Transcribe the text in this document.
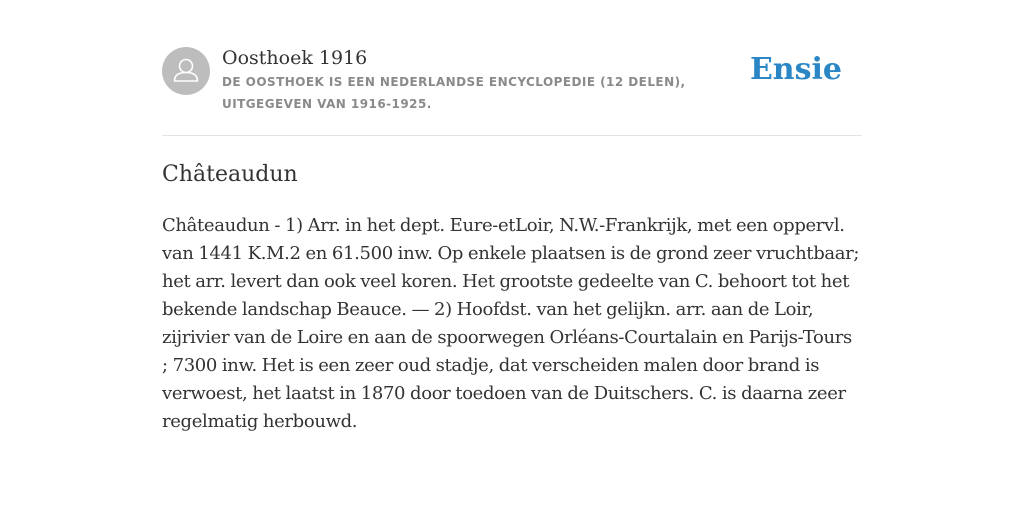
Oosthoek 1916
DE OOSTHOEK IS EEN NEDERLANDSE ENCYCLOPEDIE (12 DELEN), UITGEGEVEN VAN 1916-1925.
Ensie
Châteaudun

Châteaudun - 1) Arr. in het dept. Eure-etLoir, N.W.-Frankrijk, met een oppervl. van 1441 K.M.2 en 61.500 inw. Op enkele plaatsen is de grond zeer vruchtbaar; het arr. levert dan ook veel koren. Het grootste gedeelte van C. behoort tot het bekende landschap Beauce. — 2) Hoofdst. van het gelijkn. arr. aan de Loir, zijrivier van de Loire en aan de spoorwegen Orléans-Courtalain en Parijs-Tours ; 7300 inw. Het is een zeer oud stadje, dat verscheiden malen door brand is verwoest, het laatst in 1870 door toedoen van de Duitschers. C. is daarna zeer regelmatig herbouwd.
